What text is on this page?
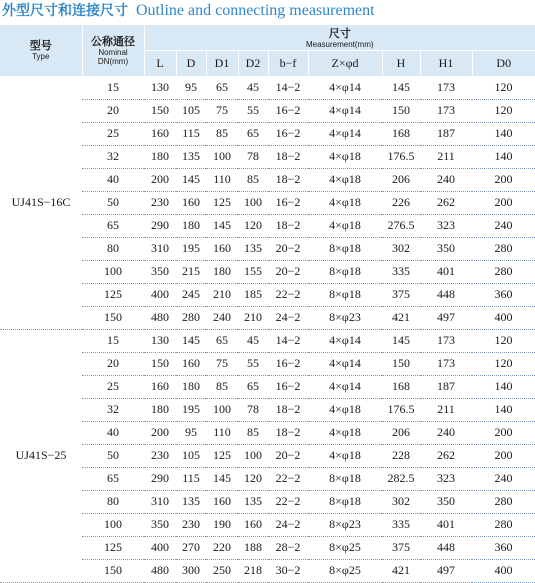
外型尺寸和连接尺寸 Outline and connecting measurement
型号
Type	公称通径
Nominal
DN(mm)	尺寸
Measurement(mm)								

		L	D	D1	D2	b−f	Z×φd	H	H1	D0
UJ41S−16C	15	130	95	65	45	14−2	4×φ14	145	173	120
	20	150	105	75	55	16−2	4×φ14	150	173	120
	25	160	115	85	65	16−2	4×φ14	168	187	140
	32	180	135	100	78	18−2	4×φ18	176.5	211	140
	40	200	145	110	85	18−2	4×φ18	206	240	200
	50	230	160	125	100	16−2	4×φ18	226	262	200
	65	290	180	145	120	18−2	4×φ18	276.5	323	240
	80	310	195	160	135	20−2	8×φ18	302	350	280
	100	350	215	180	155	20−2	8×φ18	335	401	280
	125	400	245	210	185	22−2	8×φ18	375	448	360
	150	480	280	240	210	24−2	8×φ23	421	497	400
UJ41S−25	15	130	145	65	45	14−2	4×φ14	145	173	120
	20	150	160	75	55	16−2	4×φ14	150	173	120
	25	160	180	85	65	16−2	4×φ14	168	187	140
	32	180	195	100	78	18−2	4×φ18	176.5	211	140
	40	200	95	110	85	18−2	4×φ18	206	240	200
	50	230	105	125	100	20−2	4×φ18	228	262	200
	65	290	115	145	120	22−2	8×φ18	282.5	323	240
	80	310	135	160	135	22−2	8×φ18	302	350	280
	100	350	230	190	160	24−2	8×φ23	335	401	280
	125	400	270	220	188	28−2	8×φ25	375	448	360
	150	480	300	250	218	30−2	8×φ25	421	497	400
